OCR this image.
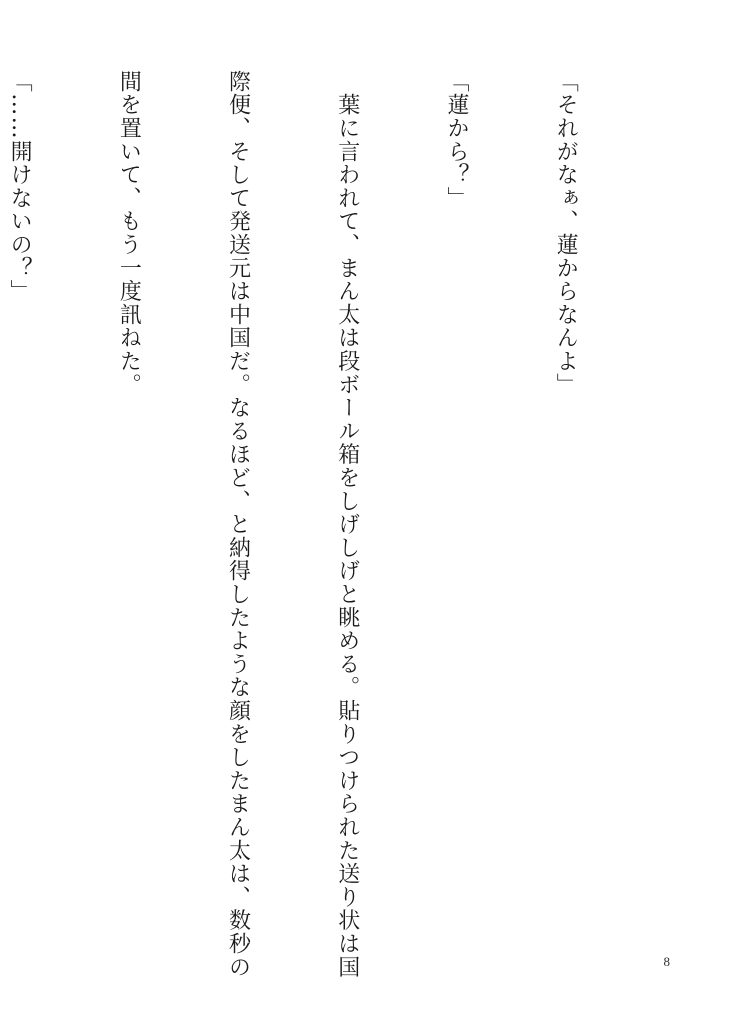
「それがなぁ、蓮からなんよ」

「蓮から？」

　葉に言われて、まん太は段ボール箱をしげしげと眺める。貼りつけられた送り状は国

際便、そして発送元は中国だ。なるほど、と納得したような顔をしたまん太は、数秒の

間を置いて、もう一度訊ねた。

「……開けないの？」

8
